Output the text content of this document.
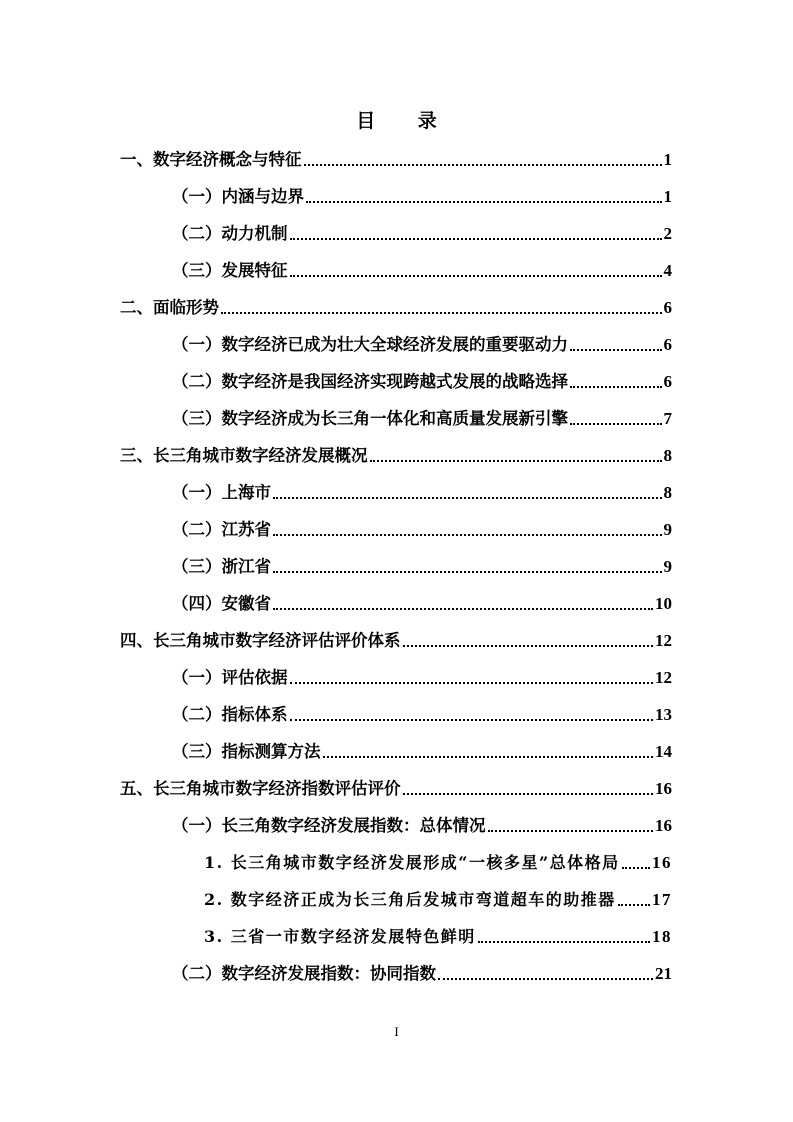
目 录
一、数字经济概念与特征	1
（一）内涵与边界	1
（二）动力机制	2
（三）发展特征	4
二、面临形势	6
（一）数字经济已成为壮大全球经济发展的重要驱动力	6
（二）数字经济是我国经济实现跨越式发展的战略选择	6
（三）数字经济成为长三角一体化和高质量发展新引擎	7
三、长三角城市数字经济发展概况	8
（一）上海市	8
（二）江苏省	9
（三）浙江省	9
（四）安徽省	10
四、长三角城市数字经济评估评价体系	12
（一）评估依据	12
（二）指标体系	13
（三）指标测算方法	14
五、长三角城市数字经济指数评估评价	16
（一）长三角数字经济发展指数：总体情况	16
1. 长三角城市数字经济发展形成“一核多星”总体格局 16
2. 数字经济正成为长三角后发城市弯道超车的助推器 17
3. 三省一市数字经济发展特色鲜明	18
（二）数字经济发展指数：协同指数	21
I
